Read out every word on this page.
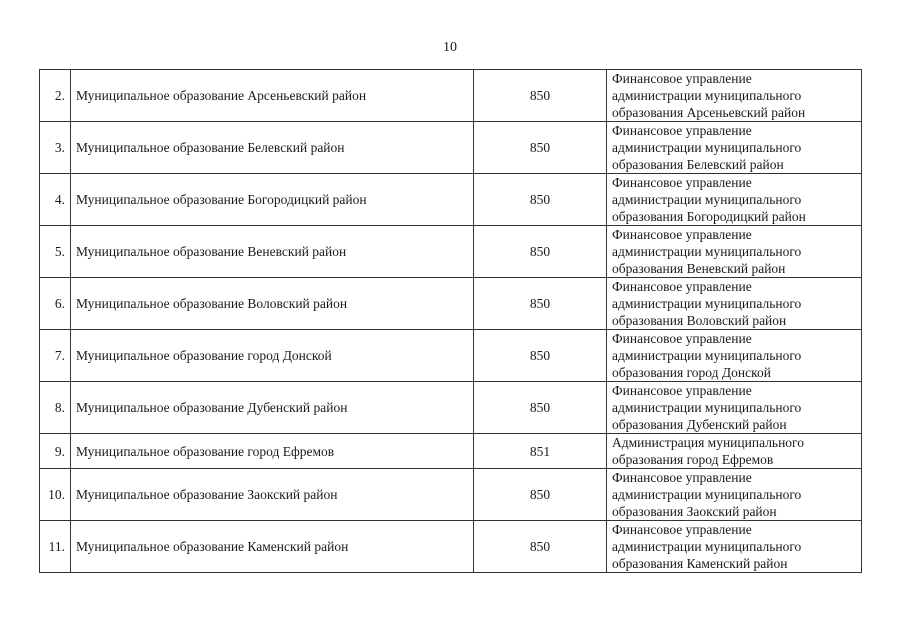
10
2.	Муниципальное образование Арсеньевский район	850	Финансовое управление
администрации муниципального
образования Арсеньевский район

3.	Муниципальное образование Белевский район	850	Финансовое управление
администрации муниципального
образования Белевский район

4.	Муниципальное образование Богородицкий район	850	Финансовое управление
администрации муниципального
образования Богородицкий район

5.	Муниципальное образование Веневский район	850	Финансовое управление
администрации муниципального
образования Веневский район

6.	Муниципальное образование Воловский район	850	Финансовое управление
администрации муниципального
образования Воловский район

7.	Муниципальное образование город Донской	850	Финансовое управление
администрации муниципального
образования город Донской

8.	Муниципальное образование Дубенский район	850	Финансовое управление
администрации муниципального
образования Дубенский район

9.	Муниципальное образование город Ефремов	851	Администрация муниципального
образования город Ефремов

10.	Муниципальное образование Заокский район	850	Финансовое управление
администрации муниципального
образования Заокский район

11.	Муниципальное образование Каменский район	850	Финансовое управление
администрации муниципального
образования Каменский район
